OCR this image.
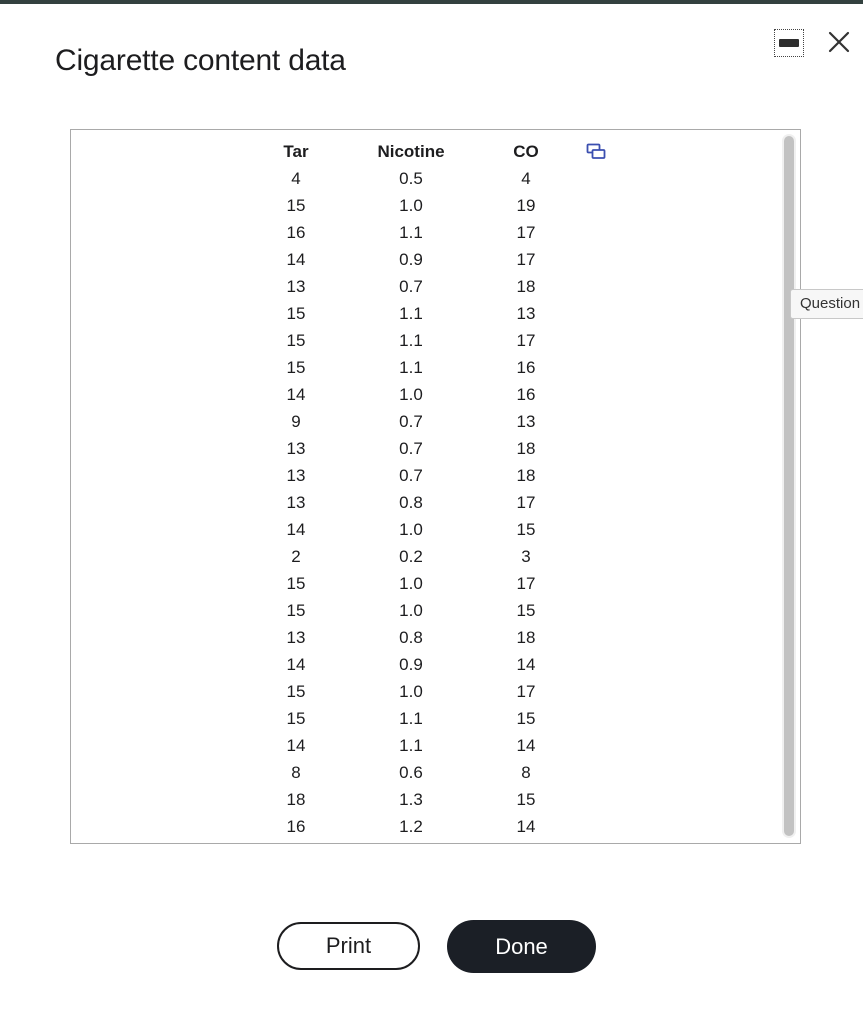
Cigarette content data
Tar	Nicotine	CO
4	0.5	4
15	1.0	19
16	1.1	17
14	0.9	17
13	0.7	18
15	1.1	13
15	1.1	17
15	1.1	16
14	1.0	16
9	0.7	13
13	0.7	18
13	0.7	18
13	0.8	17
14	1.0	15
2	0.2	3
15	1.0	17
15	1.0	15
13	0.8	18
14	0.9	14
15	1.0	17
15	1.1	15
14	1.1	14
8	0.6	8
18	1.3	15
16	1.2	14
Question
Print	Done
